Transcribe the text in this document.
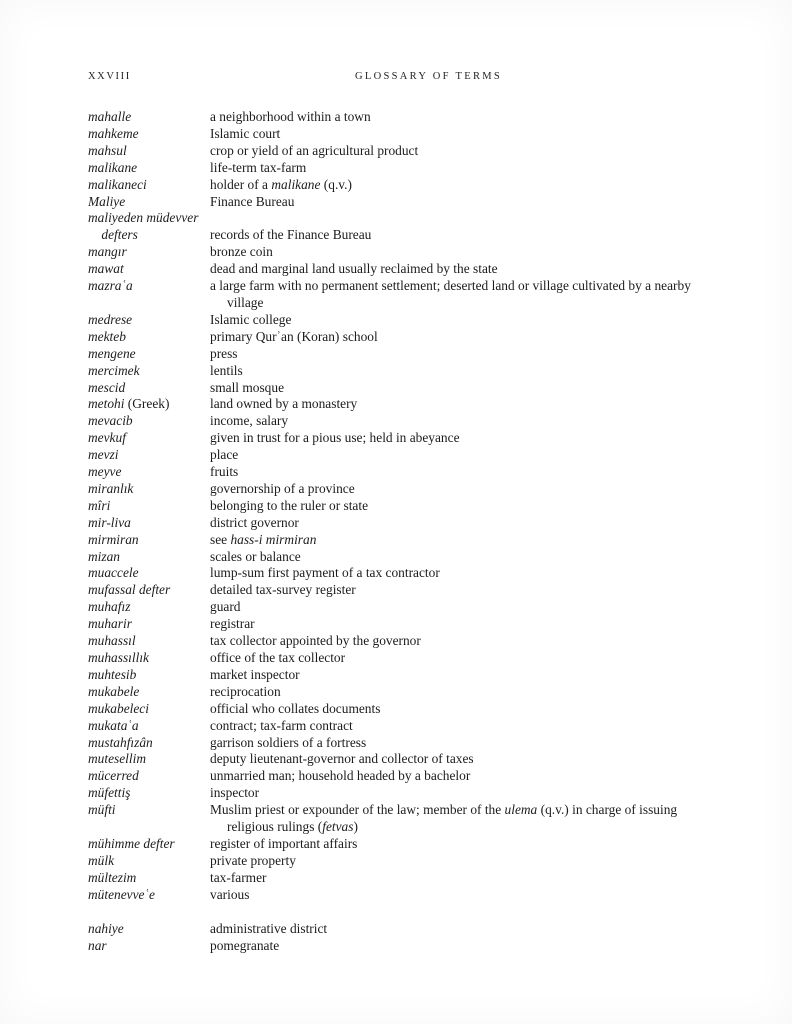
XXVIII	GLOSSARY OF TERMS
mahalle	a neighborhood within a town
mahkeme	Islamic court
mahsul	crop or yield of an agricultural product
malikane	life-term tax-farm
malikaneci	holder of a malikane (q.v.)
Maliye	Finance Bureau
maliyeden müdevver
  defters	records of the Finance Bureau
mangır	bronze coin
mawat	dead and marginal land usually reclaimed by the state
mazraʿa	a large farm with no permanent settlement; deserted land or village cultivated by a nearby village
medrese	Islamic college
mekteb	primary Qurʾan (Koran) school
mengene	press
mercimek	lentils
mescid	small mosque
metohi (Greek)	land owned by a monastery
mevacib	income, salary
mevkuf	given in trust for a pious use; held in abeyance
mevzi	place
meyve	fruits
miranlık	governorship of a province
mîri	belonging to the ruler or state
mir-liva	district governor
mirmiran	see hass-i mirmiran
mizan	scales or balance
muaccele	lump-sum first payment of a tax contractor
mufassal defter	detailed tax-survey register
muhafız	guard
muharir	registrar
muhassıl	tax collector appointed by the governor
muhassıllık	office of the tax collector
muhtesib	market inspector
mukabele	reciprocation
mukabeleci	official who collates documents
mukataʿa	contract; tax-farm contract
mustahfızân	garrison soldiers of a fortress
mutesellim	deputy lieutenant-governor and collector of taxes
mücerred	unmarried man; household headed by a bachelor
müfettiş	inspector
müfti	Muslim priest or expounder of the law; member of the ulema (q.v.) in charge of issuing religious rulings (fetvas)
mühimme defter	register of important affairs
mülk	private property
mültezim	tax-farmer
mütenevveʿe	various
nahiye	administrative district
nar	pomegranate
